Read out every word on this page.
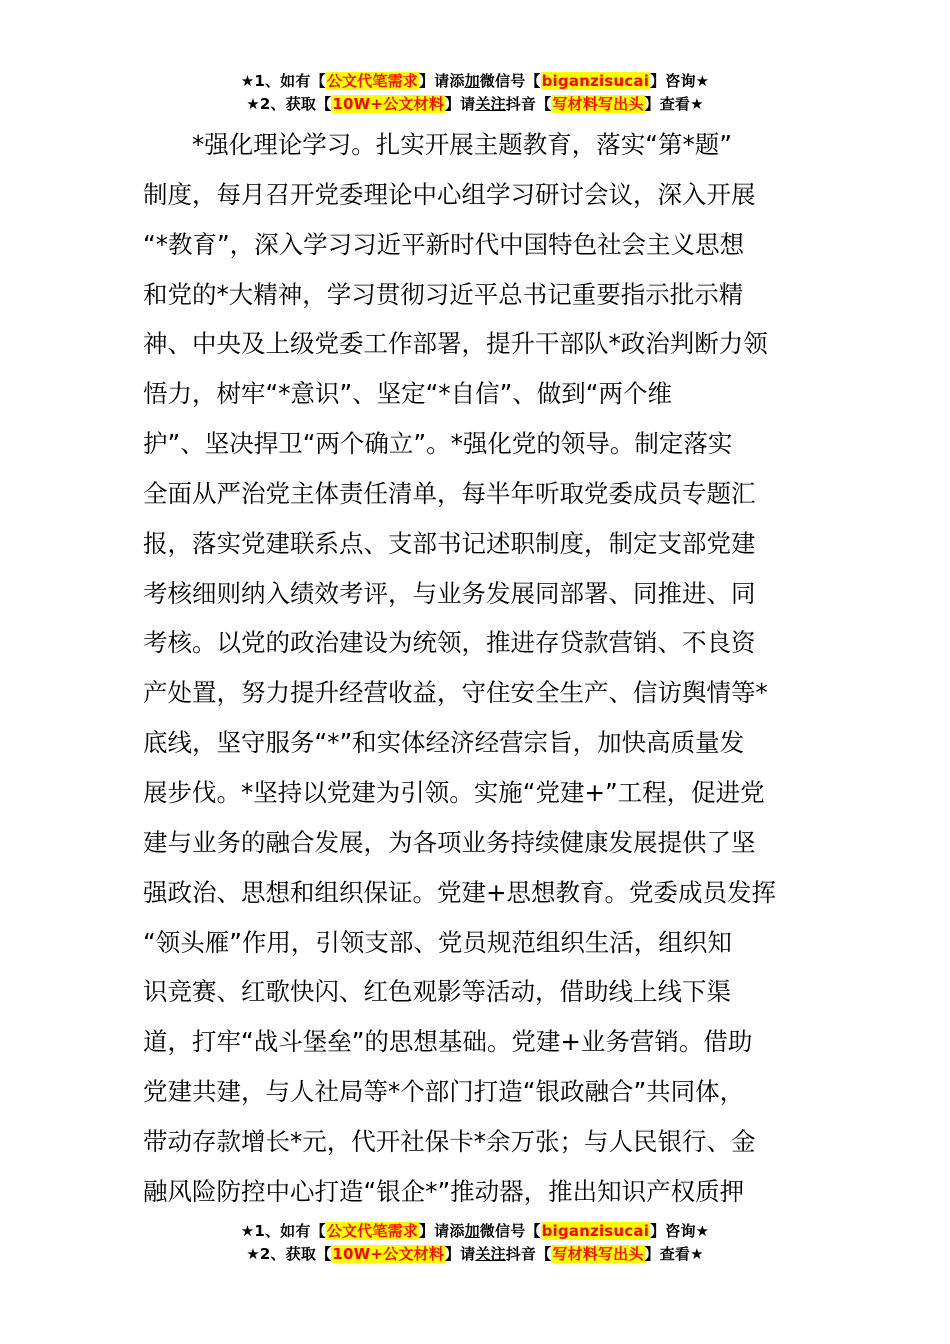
★1、如有【公文代笔需求】请添加微信号【biganzisucai】咨询★
★2、获取【10W+公文材料】请关注抖音【写材料写出头】查看★
*强化理论学习。扎实开展主题教育，落实“第*题”
制度，每月召开党委理论中心组学习研讨会议，深入开展
“*教育”，深入学习习近平新时代中国特色社会主义思想
和党的*大精神，学习贯彻习近平总书记重要指示批示精
神、中央及上级党委工作部署，提升干部队*政治判断力领
悟力，树牢“*意识”、坚定“*自信”、做到“两个维
护”、坚决捍卫“两个确立”。*强化党的领导。制定落实
全面从严治党主体责任清单，每半年听取党委成员专题汇
报，落实党建联系点、支部书记述职制度，制定支部党建
考核细则纳入绩效考评，与业务发展同部署、同推进、同
考核。以党的政治建设为统领，推进存贷款营销、不良资
产处置，努力提升经营收益，守住安全生产、信访舆情等*
底线，坚守服务“*”和实体经济经营宗旨，加快高质量发
展步伐。*坚持以党建为引领。实施“党建+”工程，促进党
建与业务的融合发展，为各项业务持续健康发展提供了坚
强政治、思想和组织保证。党建+思想教育。党委成员发挥
“领头雁”作用，引领支部、党员规范组织生活，组织知
识竞赛、红歌快闪、红色观影等活动，借助线上线下渠
道，打牢“战斗堡垒”的思想基础。党建+业务营销。借助
党建共建，与人社局等*个部门打造“银政融合”共同体，
带动存款增长*元，代开社保卡*余万张；与人民银行、金
融风险防控中心打造“银企*”推动器，推出知识产权质押
★1、如有【公文代笔需求】请添加微信号【biganzisucai】咨询★
★2、获取【10W+公文材料】请关注抖音【写材料写出头】查看★
